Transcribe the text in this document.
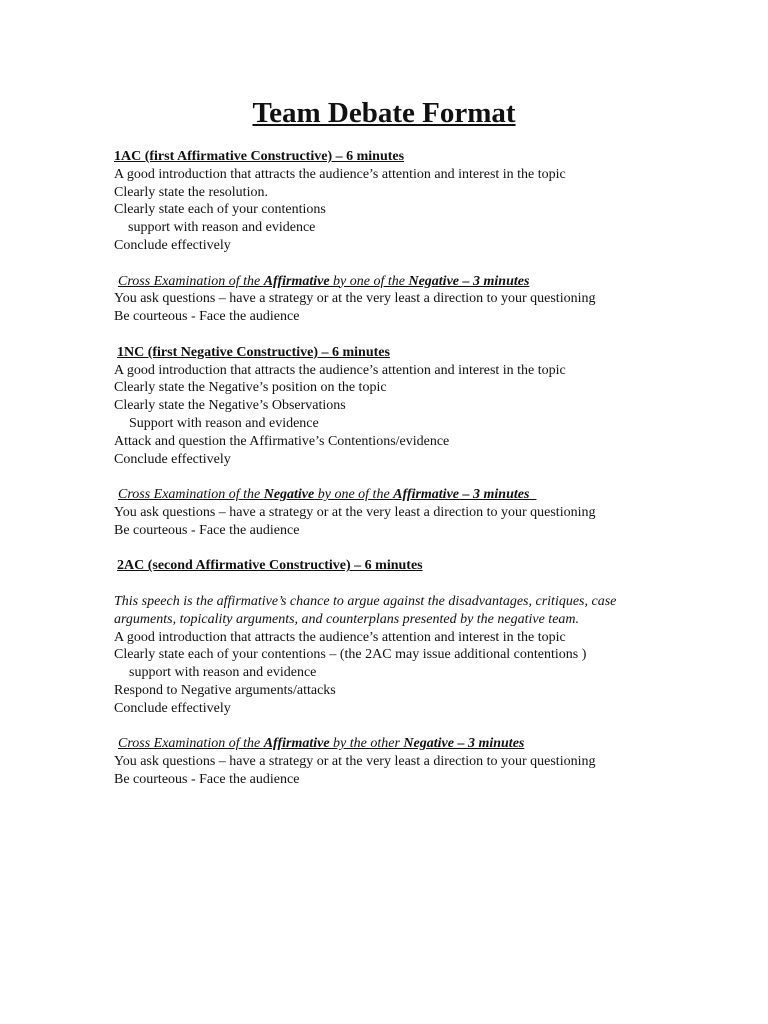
Team Debate Format
1AC (first Affirmative Constructive) – 6 minutes
A good introduction that attracts the audience’s attention and interest in the topic
Clearly state the resolution.
Clearly state each of your contentions
support with reason and evidence
Conclude effectively
Cross Examination of the Affirmative by one of the Negative – 3 minutes
You ask questions – have a strategy or at the very least a direction to your questioning
Be courteous - Face the audience
1NC (first Negative Constructive) – 6 minutes
A good introduction that attracts the audience’s attention and interest in the topic
Clearly state the Negative’s position on the topic
Clearly state the Negative’s Observations
Support with reason and evidence
Attack and question the Affirmative’s Contentions/evidence
Conclude effectively
Cross Examination of the Negative by one of the Affirmative – 3 minutes
You ask questions – have a strategy or at the very least a direction to your questioning
Be courteous - Face the audience
2AC (second Affirmative Constructive) – 6 minutes
This speech is the affirmative’s chance to argue against the disadvantages, critiques, case
arguments, topicality arguments, and counterplans presented by the negative team.
A good introduction that attracts the audience’s attention and interest in the topic
Clearly state each of your contentions – (the 2AC may issue additional contentions )
support with reason and evidence
Respond to Negative arguments/attacks
Conclude effectively
Cross Examination of the Affirmative by the other Negative – 3 minutes
You ask questions – have a strategy or at the very least a direction to your questioning
Be courteous - Face the audience
